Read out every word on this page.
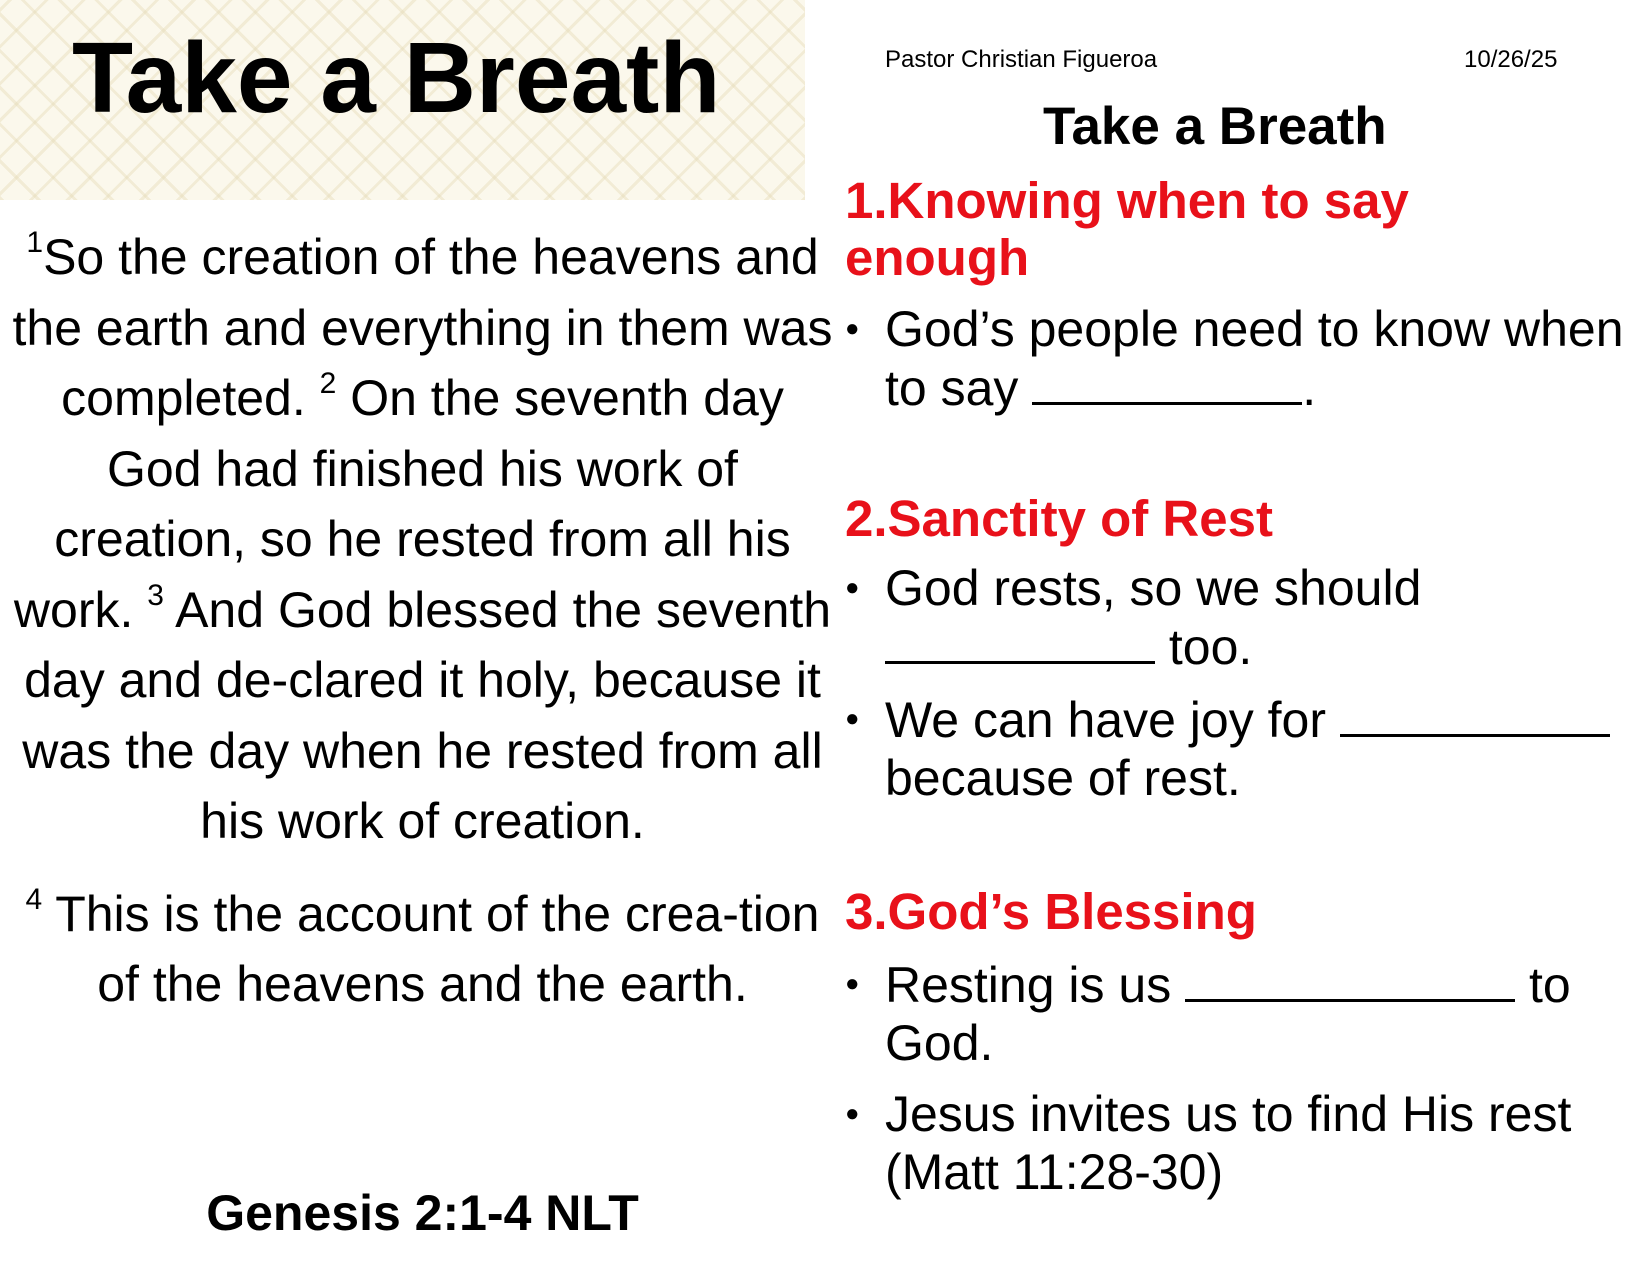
Take a Breath

$^1$So the creation of the heavens and the earth and everything in them was completed. $^2$ On the seventh day God had finished his work of creation, so he rested from all his work. $^3$ And God blessed the seventh day and de-clared it holy, because it was the day when he rested from all his work of creation.

$^4$ This is the account of the crea-tion of the heavens and the earth.

Genesis 2:1-4 NLT

Pastor Christian Figueroa	10/26/25
Take a Breath
1.Knowing when to say enough
● God’s people need to know when to say	.
2.Sanctity of Rest
● God rests, so we should  too.
● We can have joy for  because of rest.
3.God’s Blessing
● Resting is us	to God.
● Jesus invites us to find His rest (Matt 11:28-30)
